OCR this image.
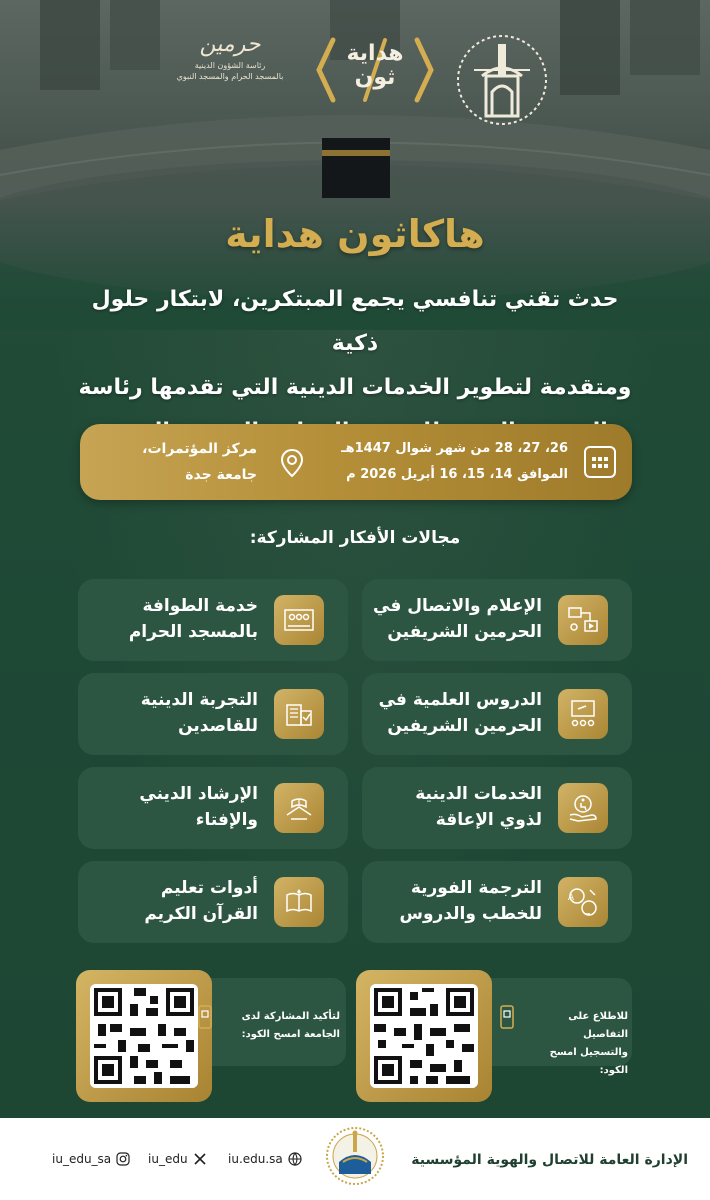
حرمين
رئاسة الشؤون الدينية
بالمسجد الحرام والمسجد النبوي
هداية
ثون
هاكاثون هداية
حدث تقني تنافسي يجمع المبتكرين، لابتكار حلول ذكية
ومتقدمة لتطوير الخدمات الدينية التي تقدمها رئاسة
26، 27، 28 من شهر شوال 1447هـ
الموافق 14، 15، 16 أبريل 2026 م
مركز المؤتمرات،
جامعة جدة
مجالات الأفكار المشاركة:
الإعلام والاتصال في
الحرمين الشريفين
خدمة الطوافة
بالمسجد الحرام
الدروس العلمية في
الحرمين الشريفين
التجربة الدينية
للقاصدين
الخدمات الدينية
لذوي الإعاقة
الإرشاد الديني
والإفتاء
A
الترجمة الفورية
للخطب والدروس
أدوات تعليم
القرآن الكريم
للاطلاع على التفاصيل
والتسجيل امسح الكود:
لتأكيد المشاركة لدى
الجامعة امسح الكود:
الإدارة العامة للاتصال والهوية المؤسسية
iu.edu.sa
iu_edu
iu_edu_sa
